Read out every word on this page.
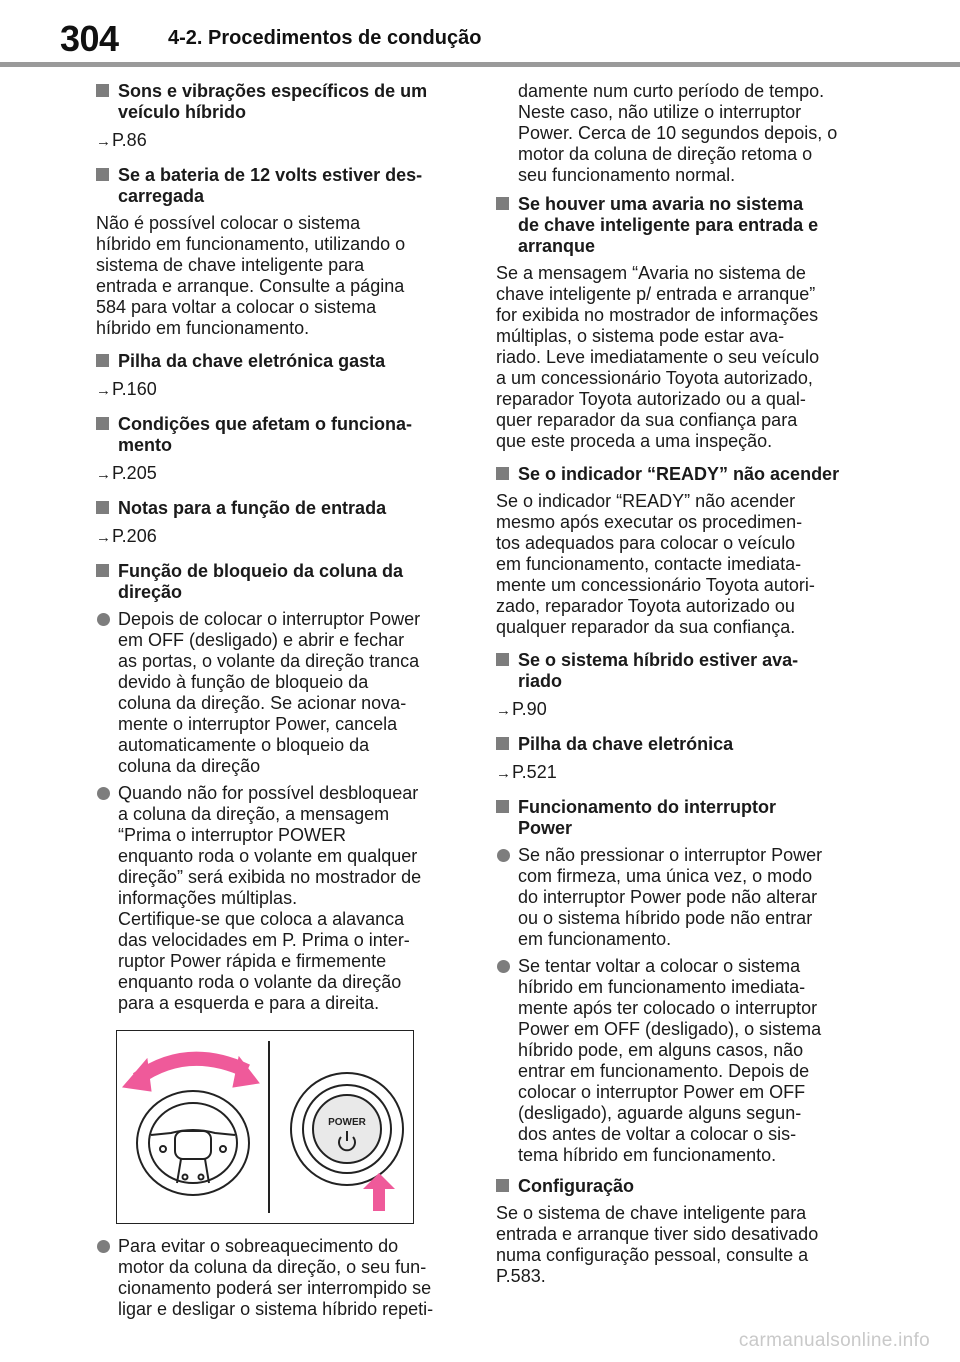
304 4-2. Procedimentos de condução
Sons e vibrações específicos de um veículo híbrido
→P.86
Se a bateria de 12 volts estiver des-
carregada
Não é possível colocar o sistema
híbrido em funcionamento, utilizando o
sistema de chave inteligente para
entrada e arranque. Consulte a página
584 para voltar a colocar o sistema
híbrido em funcionamento.
Pilha da chave eletrónica gasta
→P.160
Condições que afetam o funciona-
mento
→P.205
Notas para a função de entrada
→P.206
Função de bloqueio da coluna da
direção
Depois de colocar o interruptor Power
em OFF (desligado) e abrir e fechar
as portas, o volante da direção tranca
devido à função de bloqueio da
coluna da direção. Se acionar nova-
mente o interruptor Power, cancela
automaticamente o bloqueio da
coluna da direção
Quando não for possível desbloquear
a coluna da direção, a mensagem
“Prima o interruptor POWER
enquanto roda o volante em qualquer
direção” será exibida no mostrador de
informações múltiplas.
Certifique-se que coloca a alavanca
das velocidades em P. Prima o inter-
ruptor Power rápida e firmemente
enquanto roda o volante da direção
para a esquerda e para a direita.
POWER
Para evitar o sobreaquecimento do
motor da coluna da direção, o seu fun-
cionamento poderá ser interrompido se
ligar e desligar o sistema híbrido repeti-
damente num curto período de tempo.
Neste caso, não utilize o interruptor
Power. Cerca de 10 segundos depois, o
motor da coluna de direção retoma o
seu funcionamento normal.
Se houver uma avaria no sistema
de chave inteligente para entrada e
arranque
Se a mensagem “Avaria no sistema de
chave inteligente p/ entrada e arranque”
for exibida no mostrador de informações
múltiplas, o sistema pode estar ava-
riado. Leve imediatamente o seu veículo
a um concessionário Toyota autorizado,
reparador Toyota autorizado ou a qual-
quer reparador da sua confiança para
que este proceda a uma inspeção.
Se o indicador “READY” não acender
Se o indicador “READY” não acender
mesmo após executar os procedimen-
tos adequados para colocar o veículo
em funcionamento, contacte imediata-
mente um concessionário Toyota autori-
zado, reparador Toyota autorizado ou
qualquer reparador da sua confiança.
Se o sistema híbrido estiver ava-
riado
→P.90
Pilha da chave eletrónica
→P.521
Funcionamento do interruptor
Power
Se não pressionar o interruptor Power
com firmeza, uma única vez, o modo
do interruptor Power pode não alterar
ou o sistema híbrido pode não entrar
em funcionamento.
Se tentar voltar a colocar o sistema
híbrido em funcionamento imediata-
mente após ter colocado o interruptor
Power em OFF (desligado), o sistema
híbrido pode, em alguns casos, não
entrar em funcionamento. Depois de
colocar o interruptor Power em OFF
(desligado), aguarde alguns segun-
dos antes de voltar a colocar o sis-
tema híbrido em funcionamento.
Configuração
Se o sistema de chave inteligente para
entrada e arranque tiver sido desativado
numa configuração pessoal, consulte a
P.583.
carmanualsonline.info
